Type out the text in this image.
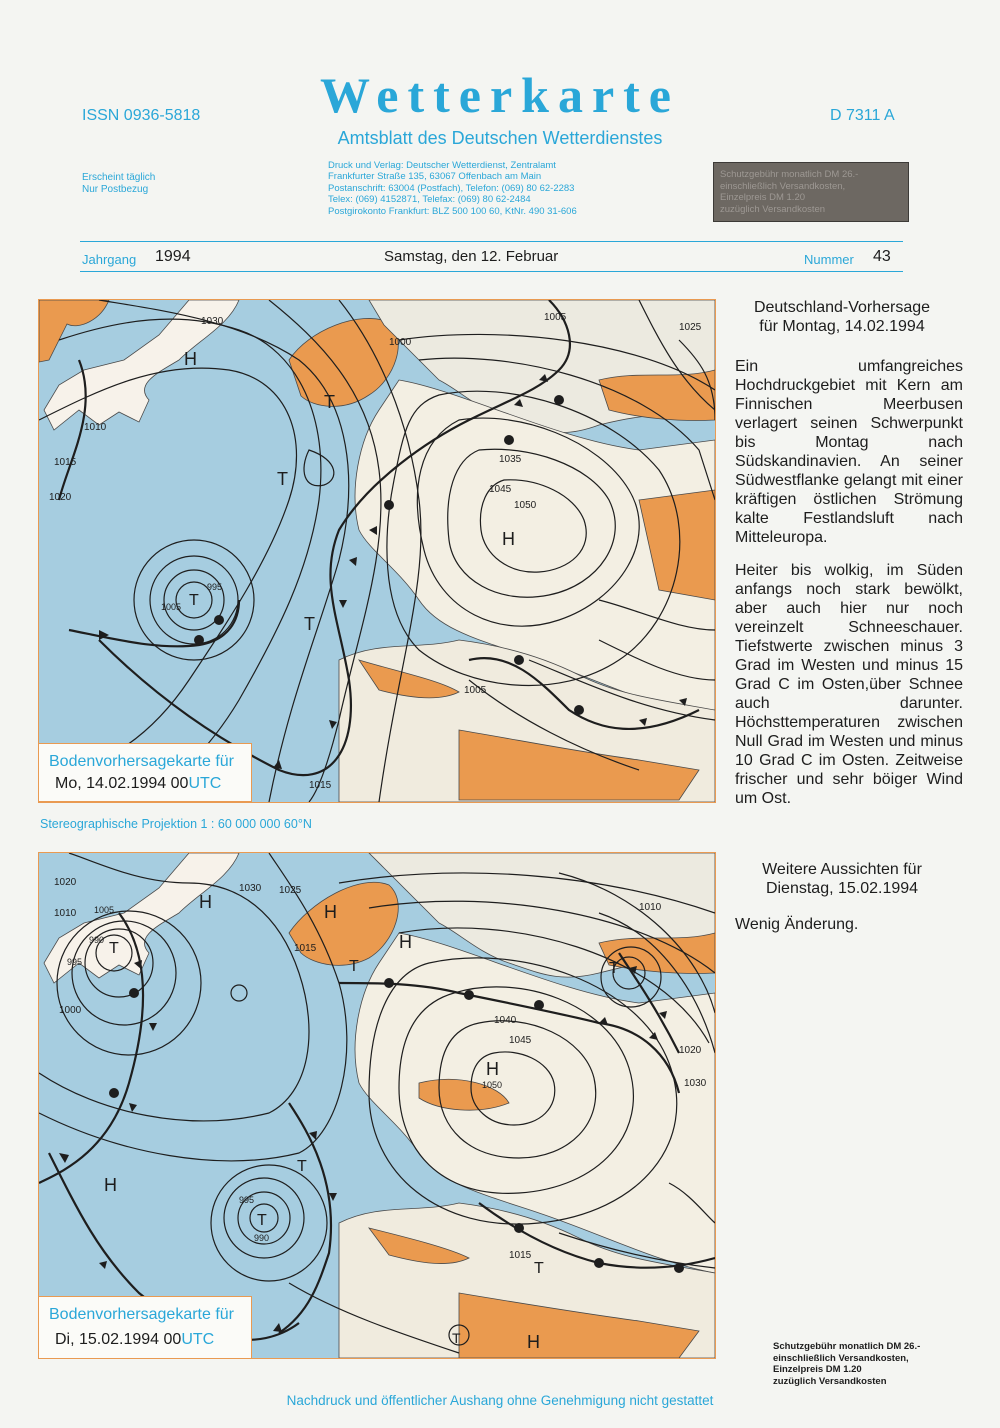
Wetterkarte
Amtsblatt des Deutschen Wetterdienstes
ISSN 0936-5818	D 7311 A
Erscheint täglich
Nur Postbezug
Druck und Verlag: Deutscher Wetterdienst, Zentralamt
Frankfurter Straße 135, 63067 Offenbach am Main
Postanschrift: 63004 (Postfach), Telefon: (069) 80 62-2283
Telex: (069) 4152871, Telefax: (069) 80 62-2484
Postgirokonto Frankfurt: BLZ 500 100 60, KtNr. 490 31-606
Schutzgebühr monatlich DM 26.-
einschließlich Versandkosten,
Einzelpreis DM 1.20
zuzüglich Versandkosten
Jahrgang 1994	Samstag, den 12. Februar	Nummer 43
H
H
T
T
T
T
1030
1000
1005
1010
1015
1020
1025
1035
1045
1050
995
1005
1005
1015
Bodenvorhersagekarte für
Mo, 14.02.1994 00UTC
Stereographische Projektion 1 : 60 000 000 60°N
H	H
H
H
H
H
T
T	T
T
T
T
T
1020
1010 1005
995
990
1000
1030 1025
1015
1040
1045
1050
995
990
1015
1030
1020
1010
Bodenvorhersagekarte für
Di, 15.02.1994 00UTC
Deutschland-Vorhersage
für Montag, 14.02.1994

Ein umfangreiches Hochdruckgebiet mit Kern am Finnischen Meerbusen verlagert seinen Schwerpunkt bis Montag nach Südskandinavien. An seiner Südwestflanke gelangt mit einer kräftigen östlichen Strömung kalte Festlandsluft nach Mitteleuropa.

Heiter bis wolkig, im Süden anfangs noch stark bewölkt, aber auch hier nur noch vereinzelt Schneeschauer. Tiefstwerte zwischen minus 3 Grad im Westen und minus 15 Grad C im Osten,über Schnee auch darunter. Höchsttemperaturen zwischen Null Grad im Westen und minus 10 Grad C im Osten. Zeitweise frischer und sehr böiger Wind um Ost.

Weitere Aussichten für
Dienstag, 15.02.1994
Wenig Änderung.
Schutzgebühr monatlich DM 26.-
einschließlich Versandkosten,
Einzelpreis DM 1.20
zuzüglich Versandkosten
Nachdruck und öffentlicher Aushang ohne Genehmigung nicht gestattet
